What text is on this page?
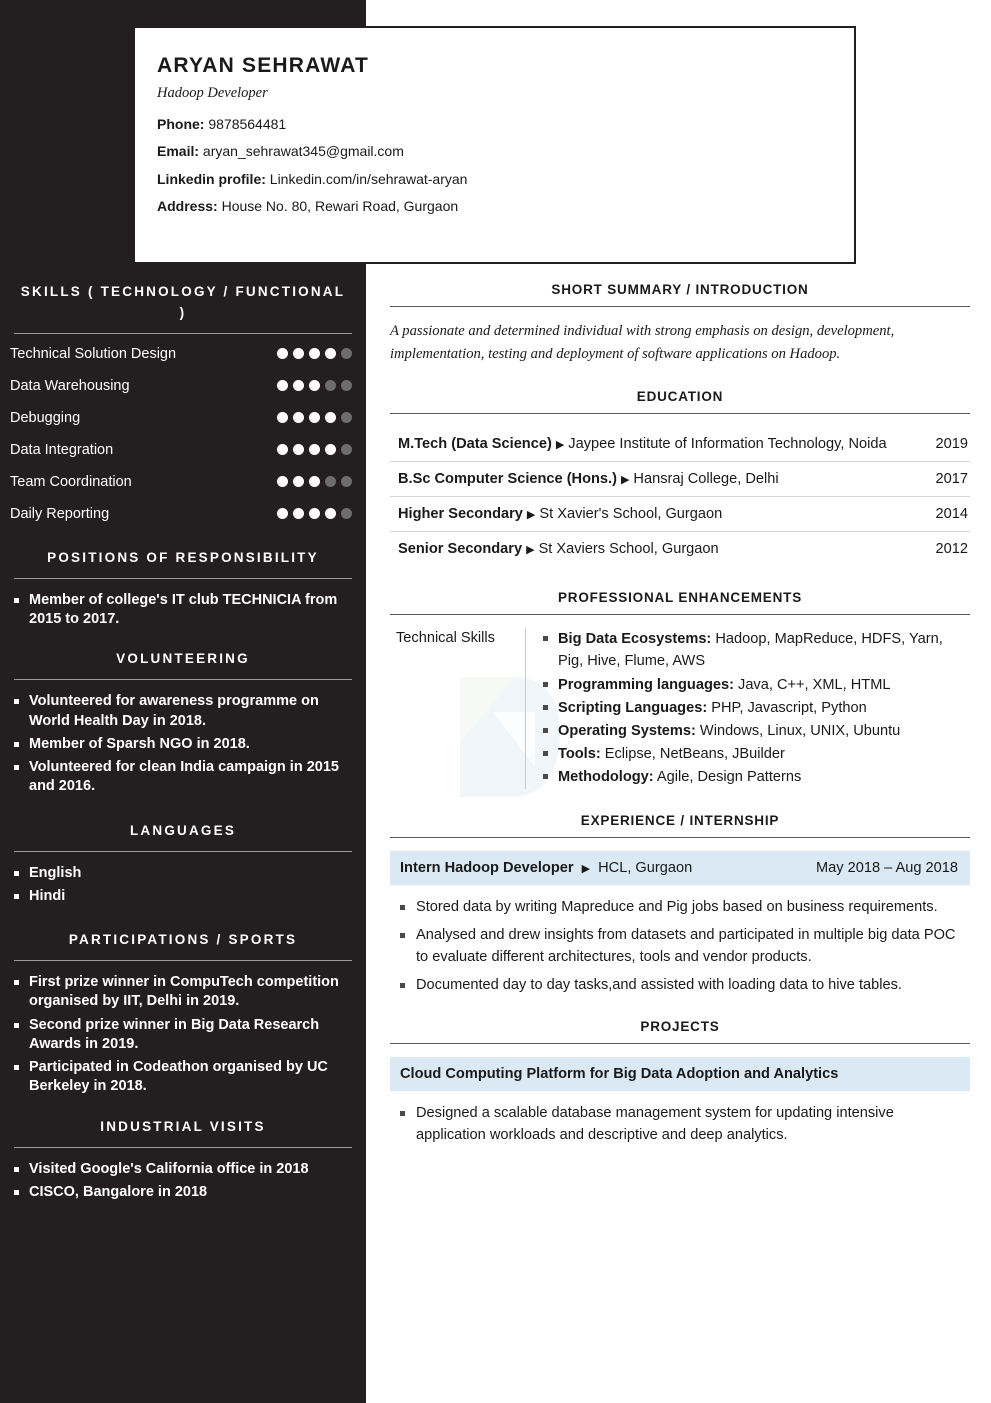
ARYAN SEHRAWAT
Hadoop Developer
Phone: 9878564481
Email: aryan_sehrawat345@gmail.com
Linkedin profile: Linkedin.com/in/sehrawat-aryan
Address: House No. 80, Rewari Road, Gurgaon
SKILLS ( TECHNOLOGY / FUNCTIONAL )
Technical Solution Design
Data Warehousing
Debugging
Data Integration
Team Coordination
Daily Reporting
POSITIONS OF RESPONSIBILITY
Member of college's IT club TECHNICIA from 2015 to 2017.
VOLUNTEERING
Volunteered for awareness programme on World Health Day in 2018.
Member of Sparsh NGO in 2018.
Volunteered for clean India campaign in 2015 and 2016.
LANGUAGES
English
Hindi
PARTICIPATIONS / SPORTS
First prize winner in CompuTech competition organised by IIT, Delhi in 2019.
Second prize winner in Big Data Research Awards in 2019.
Participated in Codeathon organised by UC Berkeley in 2018.
INDUSTRIAL VISITS
Visited Google's California office in 2018
CISCO, Bangalore in 2018
SHORT SUMMARY / INTRODUCTION
A passionate and determined individual with strong emphasis on design, development, implementation, testing and deployment of software applications on Hadoop.
EDUCATION
M.Tech (Data Science) ▶ Jaypee Institute of Information Technology, Noida	2019
B.Sc Computer Science (Hons.) ▶ Hansraj College, Delhi	2017
Higher Secondary ▶ St Xavier's School, Gurgaon	2014
Senior Secondary ▶ St Xaviers School, Gurgaon	2012
PROFESSIONAL ENHANCEMENTS
Technical Skills	Big Data Ecosystems: Hadoop, MapReduce, HDFS, Yarn, Pig, Hive, Flume, AWS
Programming languages: Java, C++, XML, HTML
Scripting Languages: PHP, Javascript, Python
Operating Systems: Windows, Linux, UNIX, Ubuntu
Tools: Eclipse, NetBeans, JBuilder
Methodology: Agile, Design Patterns
EXPERIENCE / INTERNSHIP
Intern Hadoop Developer ▶ HCL, Gurgaon	May 2018 – Aug 2018
Stored data by writing Mapreduce and Pig jobs based on business requirements.
Analysed and drew insights from datasets and participated in multiple big data POC to evaluate different architectures, tools and vendor products.
Documented day to day tasks,and assisted with loading data to hive tables.
PROJECTS
Cloud Computing Platform for Big Data Adoption and Analytics
Designed a scalable database management system for updating intensive application workloads and descriptive and deep analytics.
